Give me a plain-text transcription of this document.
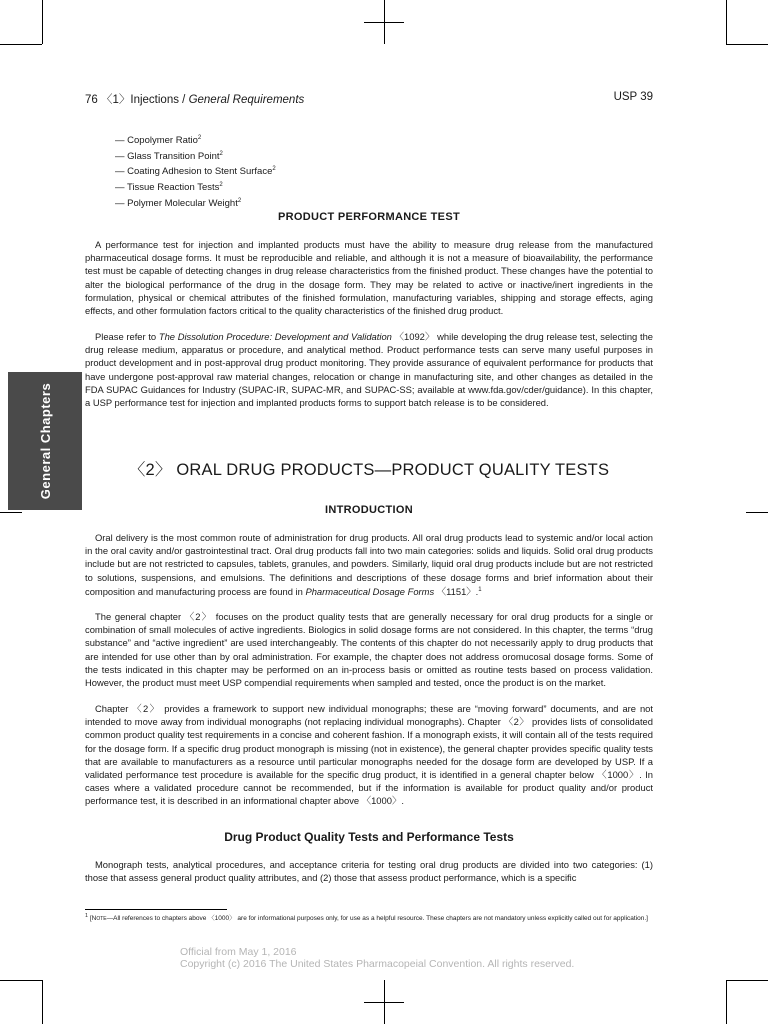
General Chapters
76 〈1〉Injections / General Requirements	USP 39
— Copolymer Ratio$^2$
— Glass Transition Point$^2$
— Coating Adhesion to Stent Surface$^2$
— Tissue Reaction Tests$^2$
— Polymer Molecular Weight$^2$
PRODUCT PERFORMANCE TEST

A performance test for injection and implanted products must have the ability to measure drug release from the manufactured pharmaceutical dosage forms. It must be reproducible and reliable, and although it is not a measure of bioavailability, the performance test must be capable of detecting changes in drug release characteristics from the finished product. These changes have the potential to alter the biological performance of the drug in the dosage form. They may be related to active or inactive/inert ingredients in the formulation, physical or chemical attributes of the finished formulation, manufacturing variables, shipping and storage effects, aging effects, and other formulation factors critical to the quality characteristics of the finished drug product.

Please refer to The Dissolution Procedure: Development and Validation 〈1092〉 while developing the drug release test, selecting the drug release medium, apparatus or procedure, and analytical method. Product performance tests can serve many useful purposes in product development and in post-approval drug product monitoring. They provide assurance of equivalent performance for products that have undergone post-approval raw material changes, relocation or change in manufacturing site, and other changes as detailed in the FDA SUPAC Guidances for Industry (SUPAC-IR, SUPAC-MR, and SUPAC-SS; available at www.fda.gov/cder/guidance). In this chapter, a USP performance test for injection and implanted products forms to support batch release is to be considered.

〈2〉 ORAL DRUG PRODUCTS—PRODUCT QUALITY TESTS
INTRODUCTION

Oral delivery is the most common route of administration for drug products. All oral drug products lead to systemic and/or local action in the oral cavity and/or gastrointestinal tract. Oral drug products fall into two main categories: solids and liquids. Solid oral drug products include but are not restricted to capsules, tablets, granules, and powders. Similarly, liquid oral drug products include but are not restricted to solutions, suspensions, and emulsions. The definitions and descriptions of these dosage forms and brief information about their composition and manufacturing process are found in Pharmaceutical Dosage Forms 〈1151〉.$^1$

The general chapter 〈2〉 focuses on the product quality tests that are generally necessary for oral drug products for a single or combination of small molecules of active ingredients. Biologics in solid dosage forms are not considered. In this chapter, the terms “drug substance” and “active ingredient” are used interchangeably. The contents of this chapter do not necessarily apply to drug products that are intended for use other than by oral administration. For example, the chapter does not address oromucosal dosage forms. Some of the tests indicated in this chapter may be performed on an in-process basis or omitted as routine tests based on process validation. However, the product must meet USP compendial requirements when sampled and tested, once the product is on the market.

Chapter 〈2〉 provides a framework to support new individual monographs; these are “moving forward” documents, and are not intended to move away from individual monographs (not replacing individual monographs). Chapter 〈2〉 provides lists of consolidated common product quality test requirements in a concise and coherent fashion. If a monograph exists, it will contain all of the tests required for the dosage form. If a specific drug product monograph is missing (not in existence), the general chapter provides specific quality tests that are available to manufacturers as a resource until particular monographs needed for the dosage form are developed by USP. If a validated performance test procedure is available for the specific drug product, it is identified in a general chapter below 〈1000〉. In cases where a validated procedure cannot be recommended, but if the information is available for product quality and/or product performance test, it is described in an informational chapter above 〈1000〉.

Drug Product Quality Tests and Performance Tests

Monograph tests, analytical procedures, and acceptance criteria for testing oral drug products are divided into two categories: (1) those that assess general product quality attributes, and (2) those that assess product performance, which is a specific

$^1$ [Note—All references to chapters above 〈1000〉 are for informational purposes only, for use as a helpful resource. These chapters are not mandatory unless explicitly called out for application.]

Official from May 1, 2016
Copyright (c) 2016 The United States Pharmacopeial Convention. All rights reserved.
